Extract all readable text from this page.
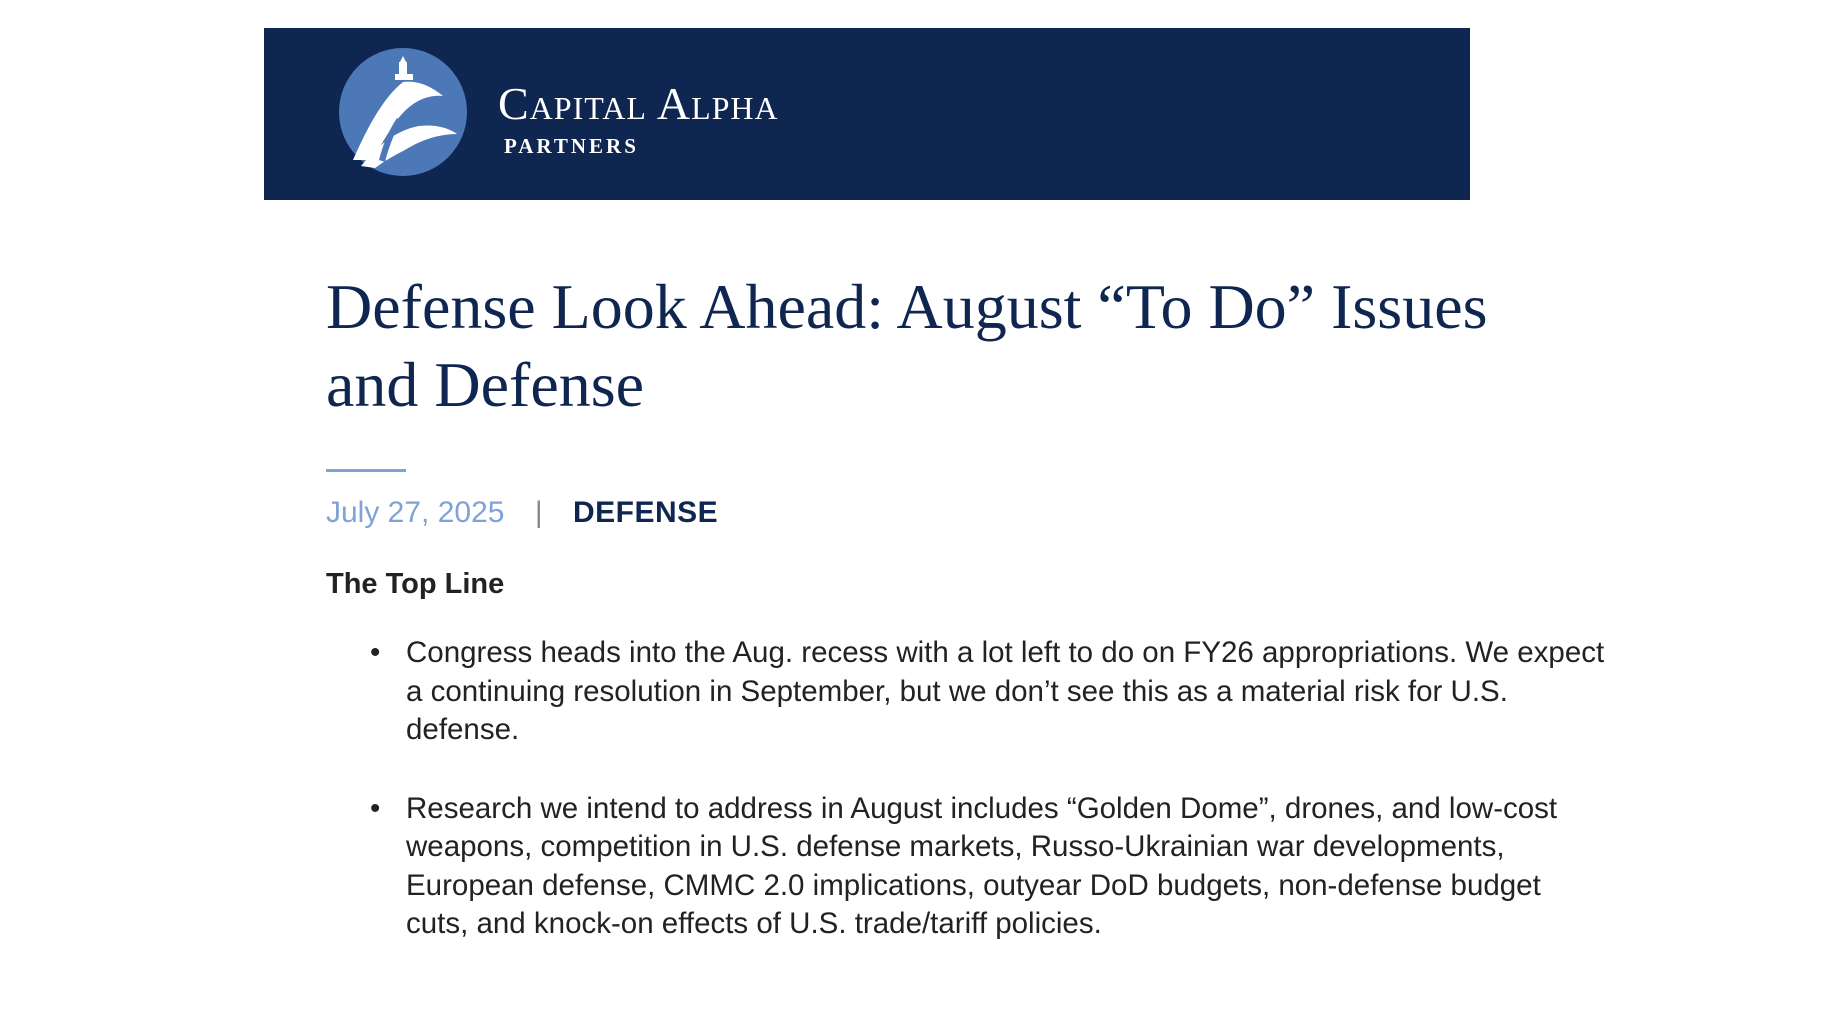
Capital Alpha
PARTNERS
Defense Look Ahead: August “To Do” Issues and Defense
July 27, 2025 | DEFENSE
The Top Line
• Congress heads into the Aug. recess with a lot left to do on FY26 appropriations. We expect a continuing resolution in September, but we don’t see this as a material risk for U.S. defense.
• Research we intend to address in August includes “Golden Dome”, drones, and low-cost weapons, competition in U.S. defense markets, Russo-Ukrainian war developments, European defense, CMMC 2.0 implications, outyear DoD budgets, non-defense budget cuts, and knock-on effects of U.S. trade/tariff policies.
